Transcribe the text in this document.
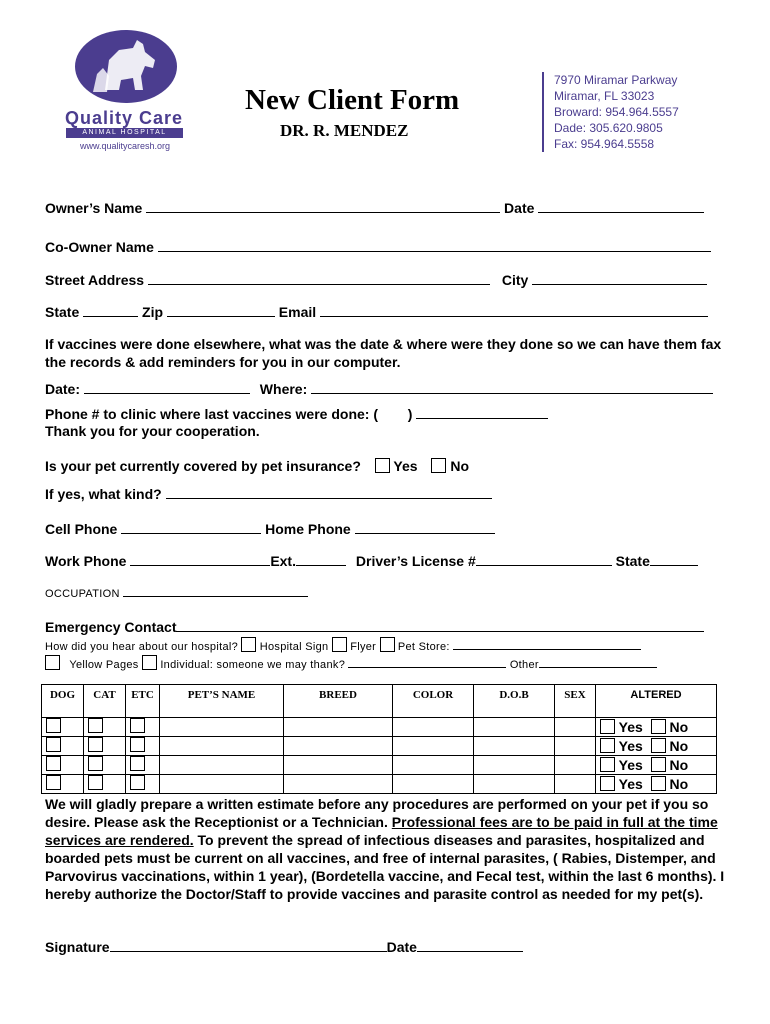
Quality Care
ANIMAL HOSPITAL
www.qualitycaresh.org
New Client Form
DR. R. MENDEZ
7970 Miramar Parkway
Miramar, FL 33023
Broward: 954.964.5557
Dade: 305.620.9805
Fax: 954.964.5558
Owner’s Name	Date
Co-Owner Name
Street Address	City
State	Zip	Email
If vaccines were done elsewhere, what was the date & where were they done so we can have them fax the records & add reminders for you in our computer.
Date:	Where:
Phone # to clinic where last vaccines were done: ( )
Thank you for your cooperation.
Is your pet currently covered by pet insurance? Yes No
If yes, what kind?
Cell Phone	Home Phone
Work Phone	Ext.	Driver’s License #	State
OCCUPATION
Emergency Contact
How did you hear about our hospital? Hospital Sign Flyer Pet Store:
Yellow Pages Individual: someone we may thank?	Other
DOG	CAT	ETC	PET’S NAME	BREED	COLOR	D.O.B	SEX	ALTERED
								Yes No
								Yes No
								Yes No
								Yes No
We will gladly prepare a written estimate before any procedures are performed on your pet if you so desire. Please ask the Receptionist or a Technician. Professional fees are to be paid in full at the time services are rendered. To prevent the spread of infectious diseases and parasites, hospitalized and boarded pets must be current on all vaccines, and free of internal parasites, ( Rabies, Distemper, and Parvovirus vaccinations, within 1 year), (Bordetella vaccine, and Fecal test, within the last 6 months). I hereby authorize the Doctor/Staff to provide vaccines and parasite control as needed for my pet(s).
Signature	Date
